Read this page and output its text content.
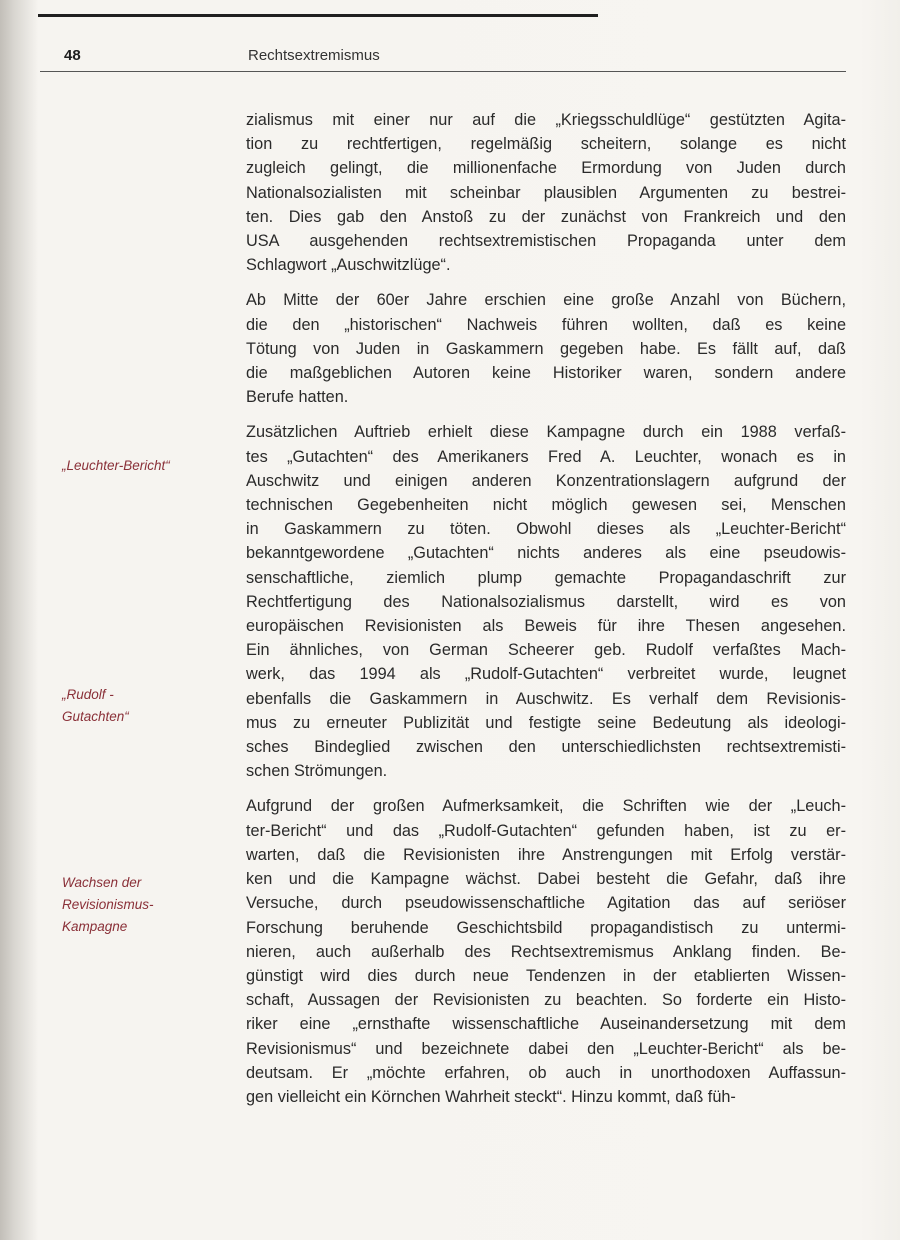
48	Rechtsextremismus
„Leuchter-Bericht“
„Rudolf -
Gutachten“
Wachsen der
Revisionismus-
Kampagne

zialismus mit einer nur auf die „Kriegsschuldlüge“ gestützten Agita-
tion zu rechtfertigen, regelmäßig scheitern, solange es nicht
zugleich gelingt, die millionenfache Ermordung von Juden durch
Nationalsozialisten mit scheinbar plausiblen Argumenten zu bestrei-
ten. Dies gab den Anstoß zu der zunächst von Frankreich und den
USA ausgehenden rechtsextremistischen Propaganda unter dem
Schlagwort „Auschwitzlüge“.

Ab Mitte der 60er Jahre erschien eine große Anzahl von Büchern,
die den „historischen“ Nachweis führen wollten, daß es keine
Tötung von Juden in Gaskammern gegeben habe. Es fällt auf, daß
die maßgeblichen Autoren keine Historiker waren, sondern andere
Berufe hatten.

Zusätzlichen Auftrieb erhielt diese Kampagne durch ein 1988 verfaß-
tes „Gutachten“ des Amerikaners Fred A. Leuchter, wonach es in
Auschwitz und einigen anderen Konzentrationslagern aufgrund der
technischen Gegebenheiten nicht möglich gewesen sei, Menschen
in Gaskammern zu töten. Obwohl dieses als „Leuchter-Bericht“
bekanntgewordene „Gutachten“ nichts anderes als eine pseudowis-
senschaftliche, ziemlich plump gemachte Propagandaschrift zur
Rechtfertigung des Nationalsozialismus darstellt, wird es von
europäischen Revisionisten als Beweis für ihre Thesen angesehen.
Ein ähnliches, von German Scheerer geb. Rudolf verfaßtes Mach-
werk, das 1994 als „Rudolf-Gutachten“ verbreitet wurde, leugnet
ebenfalls die Gaskammern in Auschwitz. Es verhalf dem Revisionis-
mus zu erneuter Publizität und festigte seine Bedeutung als ideologi-
sches Bindeglied zwischen den unterschiedlichsten rechtsextremisti-
schen Strömungen.

Aufgrund der großen Aufmerksamkeit, die Schriften wie der „Leuch-
ter-Bericht“ und das „Rudolf-Gutachten“ gefunden haben, ist zu er-
warten, daß die Revisionisten ihre Anstrengungen mit Erfolg verstär-
ken und die Kampagne wächst. Dabei besteht die Gefahr, daß ihre
Versuche, durch pseudowissenschaftliche Agitation das auf seriöser
Forschung beruhende Geschichtsbild propagandistisch zu untermi-
nieren, auch außerhalb des Rechtsextremismus Anklang finden. Be-
günstigt wird dies durch neue Tendenzen in der etablierten Wissen-
schaft, Aussagen der Revisionisten zu beachten. So forderte ein Histo-
riker eine „ernsthafte wissenschaftliche Auseinandersetzung mit dem
Revisionismus“ und bezeichnete dabei den „Leuchter-Bericht“ als be-
deutsam. Er „möchte erfahren, ob auch in unorthodoxen Auffassun-
gen vielleicht ein Körnchen Wahrheit steckt“. Hinzu kommt, daß füh-
